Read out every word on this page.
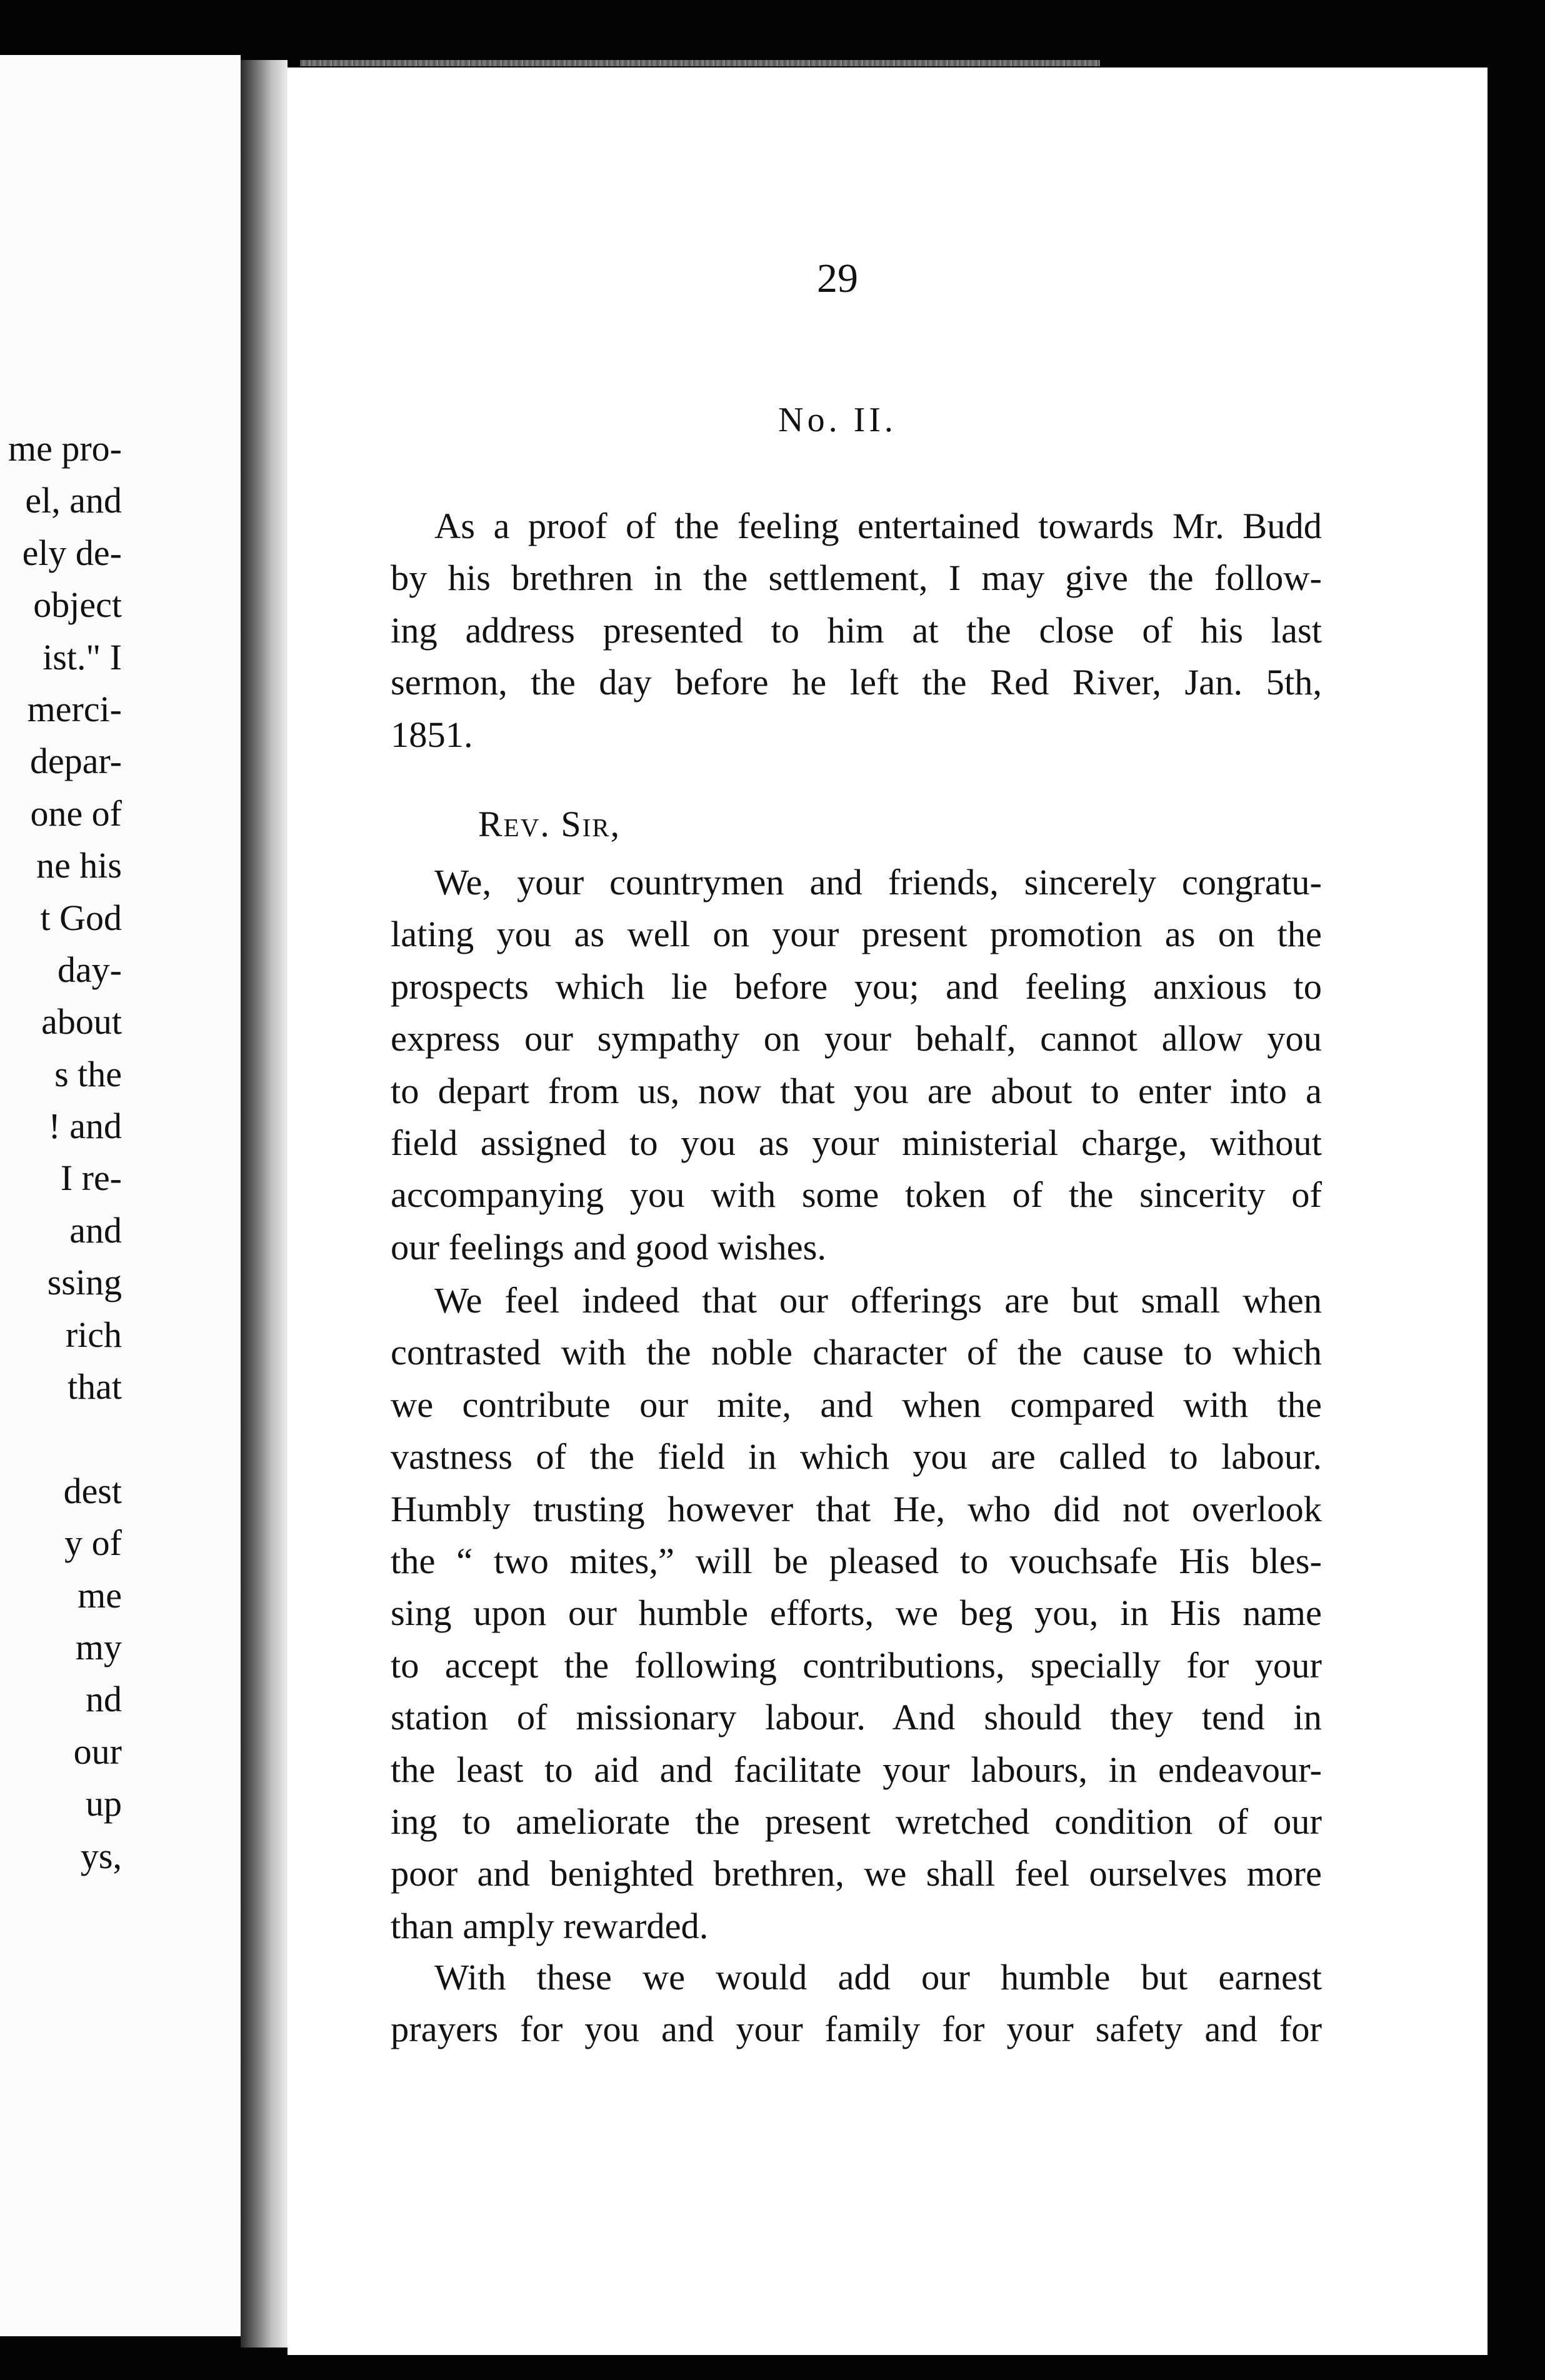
me pro-
el, and
ely de-
object
ist." I
merci-
depar-
one of
ne his
t God
day-
about
s the
! and
I re-
and
ssing
rich
that
dest
y of
me
my
nd
our
up
ys,
29
No. II.
As a proof of the feeling entertained towards Mr. Budd
by his brethren in the settlement, I may give the follow-
ing address presented to him at the close of his last
sermon, the day before he left the Red River, Jan. 5th,
1851.
Rev. Sir,
We, your countrymen and friends, sincerely congratu-
lating you as well on your present promotion as on the
prospects which lie before you; and feeling anxious to
express our sympathy on your behalf, cannot allow you
to depart from us, now that you are about to enter into a
field assigned to you as your ministerial charge, without
accompanying you with some token of the sincerity of
our feelings and good wishes.
We feel indeed that our offerings are but small when
contrasted with the noble character of the cause to which
we contribute our mite, and when compared with the
vastness of the field in which you are called to labour.
Humbly trusting however that He, who did not overlook
the “ two mites,” will be pleased to vouchsafe His bles-
sing upon our humble efforts, we beg you, in His name
to accept the following contributions, specially for your
station of missionary labour. And should they tend in
the least to aid and facilitate your labours, in endeavour-
ing to ameliorate the present wretched condition of our
poor and benighted brethren, we shall feel ourselves more
than amply rewarded.
With these we would add our humble but earnest
prayers for you and your family for your safety and for
